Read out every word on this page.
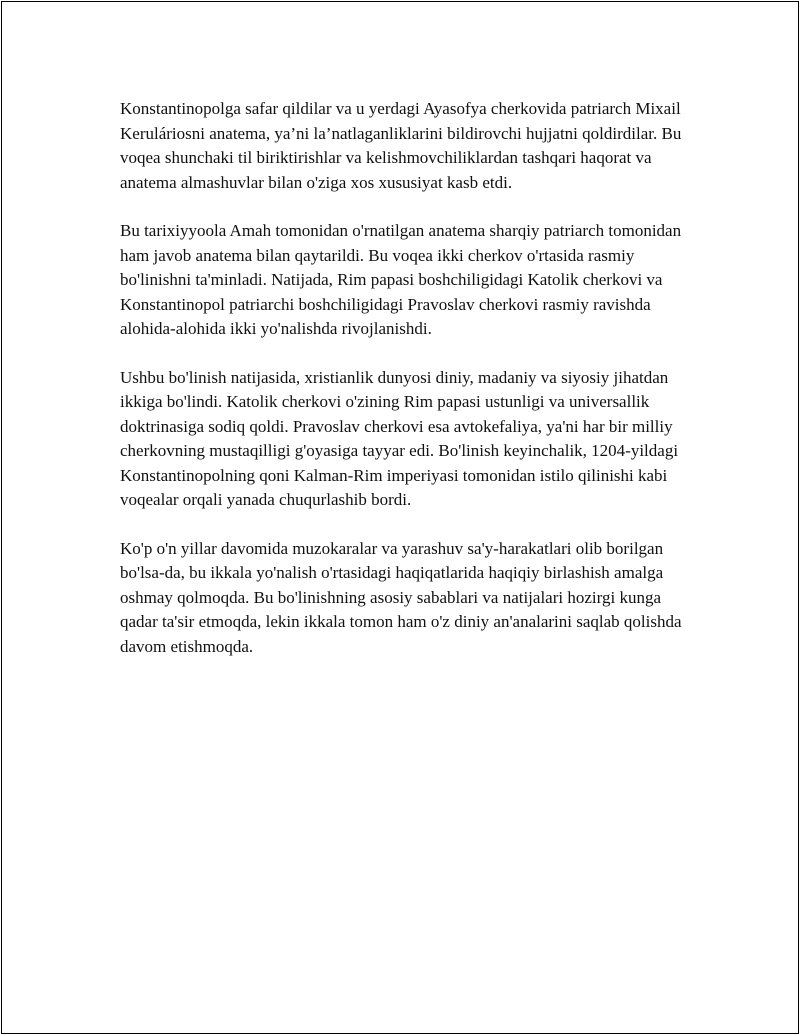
Konstantinopolga safar qildilar va u yerdagi Ayasofya cherkovida patriarch Mixail Kerulário​sni anatema, ya’ni la’natlaganliklarini bildirovchi hujjatni qoldirdilar. Bu voqea shunchaki til biriktirishlar va kelishmovchiliklardan tashqari haqorat va anatema almashuvlar bilan o'ziga xos xususiyat kasb etdi.

Bu tarixiyyoola Amah tomonidan o'rnatilgan anatema sharqiy patriarch tomonidan ham javob anatema bilan qaytarildi. Bu voqea ikki cherkov o'rtasida rasmiy bo'linishni ta'minladi. Natijada, Rim papasi boshchiligidagi Katolik cherkovi va Konstantinopol patriarchi boshchiligidagi Pravoslav cherkovi rasmiy ravishda alohida-alohida ikki yo'nalishda rivojlanishdi.

Ushbu bo'linish natijasida, xristianlik dunyosi diniy, madaniy va siyosiy jihatdan ikkiga bo'lindi. Katolik cherkovi o'zining Rim papasi ustunligi va universallik doktrinasiga sodiq qoldi. Pravoslav cherkovi esa avtokefaliya, ya'ni har bir milliy cherkovning mustaqilligi g'oyasiga tayyar edi. Bo'linish keyinchalik, 1204-yildagi Konstantinopolning qoni Kalman-Rim imperiyasi tomonidan istilo qilinishi kabi voqealar orqali yanada chuqurlashib bordi.

Ko'p o'n yillar davomida muzokaralar va yarashuv sa'y-harakatlari olib borilgan bo'lsa-da, bu ikkala yo'nalish o'rtasidagi haqiqatlarida haqiqiy birlashish amalga oshmay qolmoqda. Bu bo'linishning asosiy sabablari va natijalari hozirgi kunga qadar ta'sir etmoqda, lekin ikkala tomon ham o'z diniy an'analarini saqlab qolishda davom etishmoqda.
